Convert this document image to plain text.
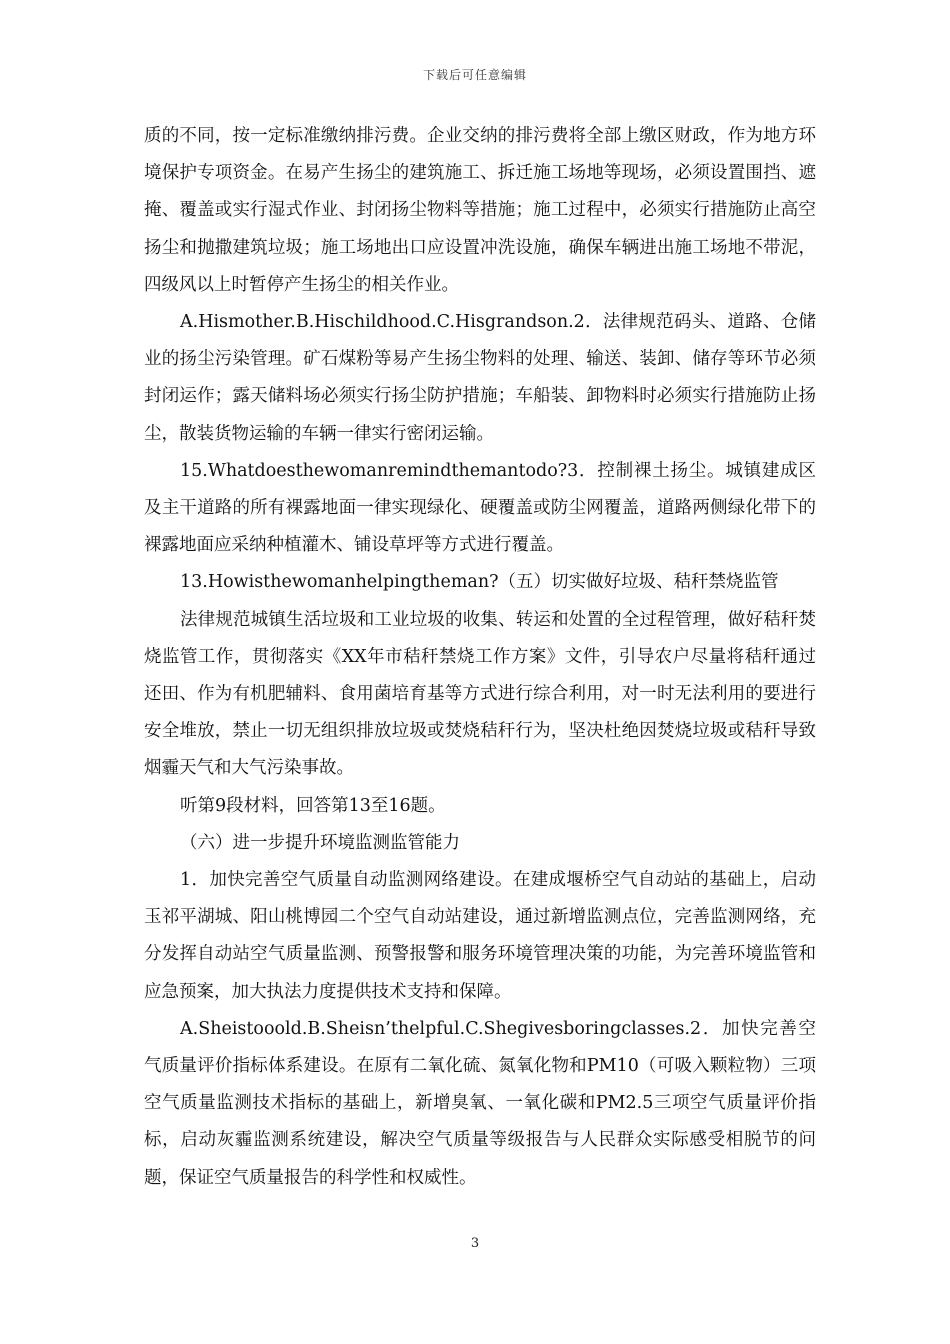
下载后可任意编辑

质的不同，按一定标准缴纳排污费。企业交纳的排污费将全部上缴区财政，作为地方环境保护专项资金。在易产生扬尘的建筑施工、拆迁施工场地等现场，必须设置围挡、遮掩、覆盖或实行湿式作业、封闭扬尘物料等措施；施工过程中，必须实行措施防止高空扬尘和抛撒建筑垃圾；施工场地出口应设置冲洗设施，确保车辆进出施工场地不带泥，四级风以上时暂停产生扬尘的相关作业。

A.Hismother.B.Hischildhood.C.Hisgrandson.2．法律规范码头、道路、仓储业的扬尘污染管理。矿石煤粉等易产生扬尘物料的处理、输送、装卸、储存等环节必须封闭运作；露天储料场必须实行扬尘防护措施；车船装、卸物料时必须实行措施防止扬尘，散装货物运输的车辆一律实行密闭运输。

15.Whatdoesthewomanremindthemantodo?3．控制裸土扬尘。城镇建成区及主干道路的所有裸露地面一律实现绿化、硬覆盖或防尘网覆盖，道路两侧绿化带下的裸露地面应采纳种植灌木、铺设草坪等方式进行覆盖。

13.Howisthewomanhelpingtheman?（五）切实做好垃圾、秸秆禁烧监管

法律规范城镇生活垃圾和工业垃圾的收集、转运和处置的全过程管理，做好秸秆焚烧监管工作，贯彻落实《XX年市秸秆禁烧工作方案》文件，引导农户尽量将秸秆通过还田、作为有机肥辅料、食用菌培育基等方式进行综合利用，对一时无法利用的要进行安全堆放，禁止一切无组织排放垃圾或焚烧秸秆行为，坚决杜绝因焚烧垃圾或秸秆导致烟霾天气和大气污染事故。

听第9段材料，回答第13至16题。

（六）进一步提升环境监测监管能力

1．加快完善空气质量自动监测网络建设。在建成堰桥空气自动站的基础上，启动玉祁平湖城、阳山桃博园二个空气自动站建设，通过新增监测点位，完善监测网络，充分发挥自动站空气质量监测、预警报警和服务环境管理决策的功能，为完善环境监管和应急预案，加大执法力度提供技术支持和保障。

A.Sheistooold.B.Sheisn’thelpful.C.Shegivesboringclasses.2．加快完善空气质量评价指标体系建设。在原有二氧化硫、氮氧化物和PM10（可吸入颗粒物）三项空气质量监测技术指标的基础上，新增臭氧、一氧化碳和PM2.5三项空气质量评价指标，启动灰霾监测系统建设，解决空气质量等级报告与人民群众实际感受相脱节的问题，保证空气质量报告的科学性和权威性。

3
